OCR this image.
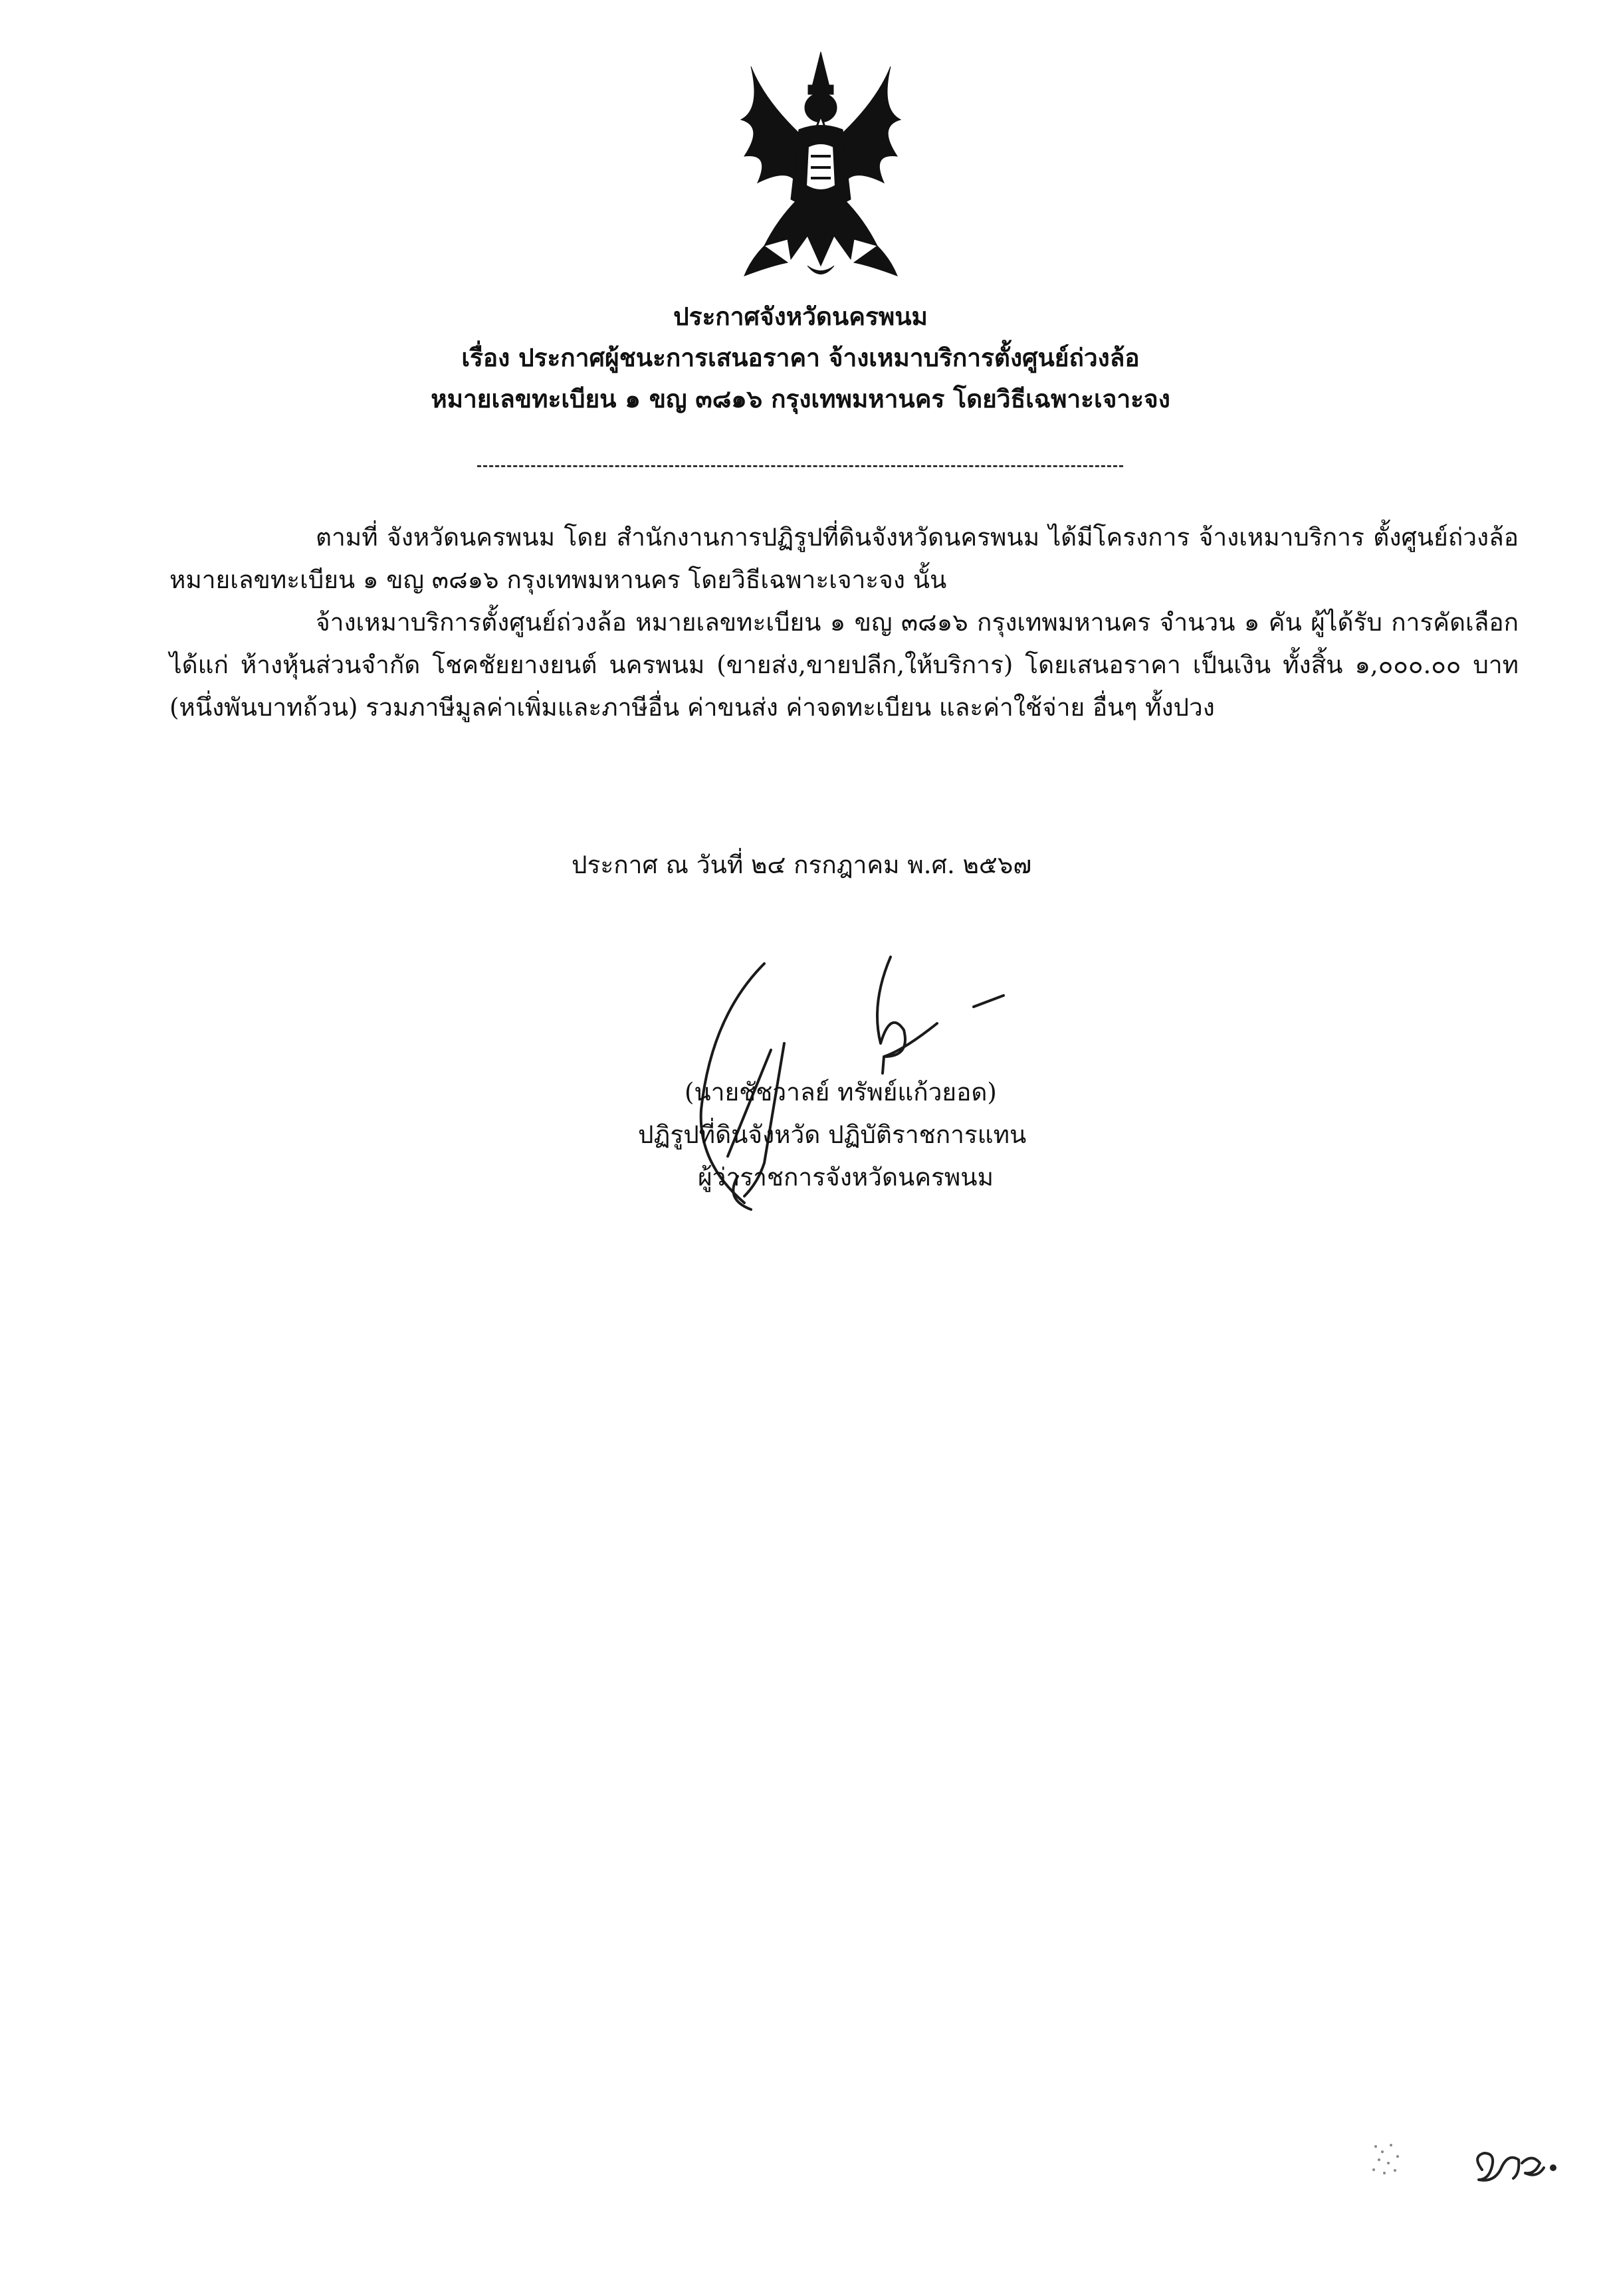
ประกาศจังหวัดนครพนม
เรื่อง ประกาศผู้ชนะการเสนอราคา จ้างเหมาบริการตั้งศูนย์ถ่วงล้อ
หมายเลขทะเบียน ๑ ขญ ๓๘๑๖ กรุงเทพมหานคร โดยวิธีเฉพาะเจาะจง

ตามที่ จังหวัดนครพนม โดย สำนักงานการปฏิรูปที่ดินจังหวัดนครพนม ได้มีโครงการ จ้างเหมาบริการ ตั้งศูนย์ถ่วงล้อ หมายเลขทะเบียน ๑ ขญ ๓๘๑๖ กรุงเทพมหานคร โดยวิธีเฉพาะเจาะจง นั้น

จ้างเหมาบริการตั้งศูนย์ถ่วงล้อ หมายเลขทะเบียน ๑ ขญ ๓๘๑๖ กรุงเทพมหานคร จำนวน ๑ คัน ผู้ได้รับ การคัดเลือก ได้แก่ ห้างหุ้นส่วนจำกัด โชคชัยยางยนต์ นครพนม (ขายส่ง,ขายปลีก,ให้บริการ) โดยเสนอราคา เป็นเงิน ทั้งสิ้น ๑,๐๐๐.๐๐ บาท (หนึ่งพันบาทถ้วน) รวมภาษีมูลค่าเพิ่มและภาษีอื่น ค่าขนส่ง ค่าจดทะเบียน และค่าใช้จ่าย อื่นๆ ทั้งปวง

ประกาศ ณ วันที่ ๒๔ กรกฎาคม พ.ศ. ๒๕๖๗
(นายชัชวาลย์ ทรัพย์แก้วยอด)
ปฏิรูปที่ดินจังหวัด ปฏิบัติราชการแทน
ผู้ว่าราชการจังหวัดนครพนม
